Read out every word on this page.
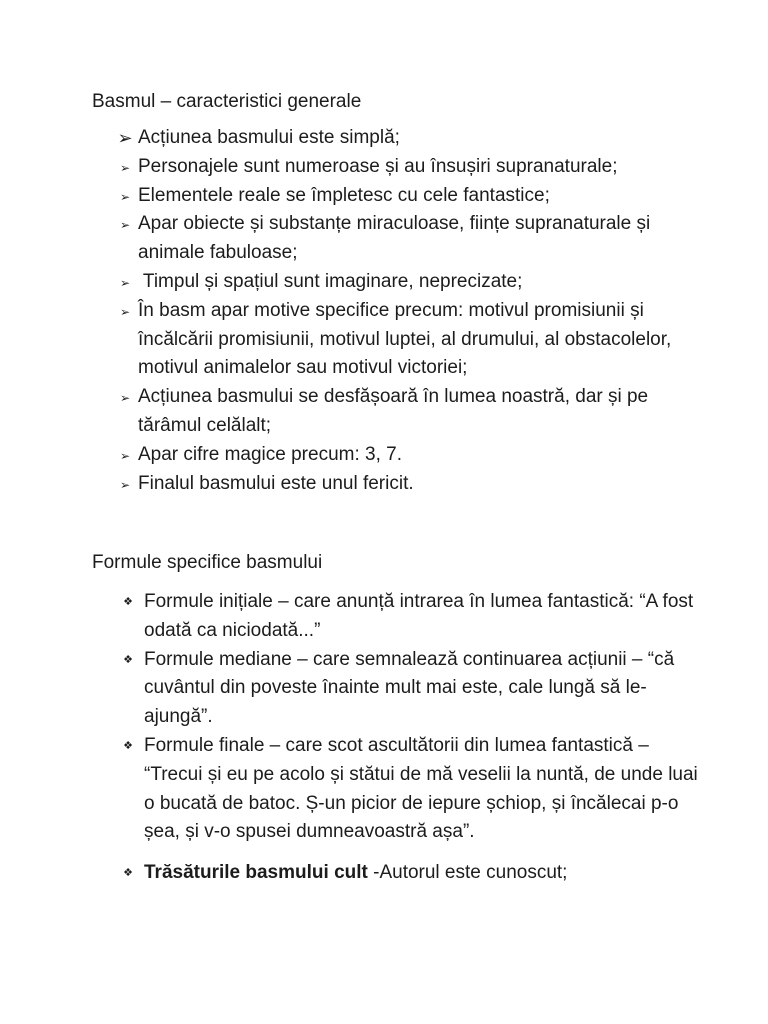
Basmul – caracteristici generale
➢ Acțiunea basmului este simplă;
➢ Personajele sunt numeroase și au însușiri supranaturale;
➢ Elementele reale se împletesc cu cele fantastice;
➢ Apar obiecte și substanțe miraculoase, ființe supranaturale și animale fabuloase;
➢ Timpul și spațiul sunt imaginare, neprecizate;
➢ În basm apar motive specifice precum: motivul promisiunii și încălcării promisiunii, motivul luptei, al drumului, al obstacolelor, motivul animalelor sau motivul victoriei;
➢ Acțiunea basmului se desfășoară în lumea noastră, dar și pe tărâmul celălalt;
➢ Apar cifre magice precum: 3, 7.
➢ Finalul basmului este unul fericit.
Formule specifice basmului
❖ Formule inițiale – care anunță intrarea în lumea fantastică: “A fost odată ca niciodată...”
❖ Formule mediane – care semnalează continuarea acțiunii – “că cuvântul din poveste înainte mult mai este, cale lungă să le-ajungă”.
❖ Formule finale – care scot ascultătorii din lumea fantastică – “Trecui și eu pe acolo și stătui de mă veselii la nuntă, de unde luai o bucată de batoc. Ș-un picior de iepure șchiop, și încălecai p-o șea, și v-o spusei dumneavoastră așa”.
❖ Trăsăturile basmului cult -Autorul este cunoscut;
